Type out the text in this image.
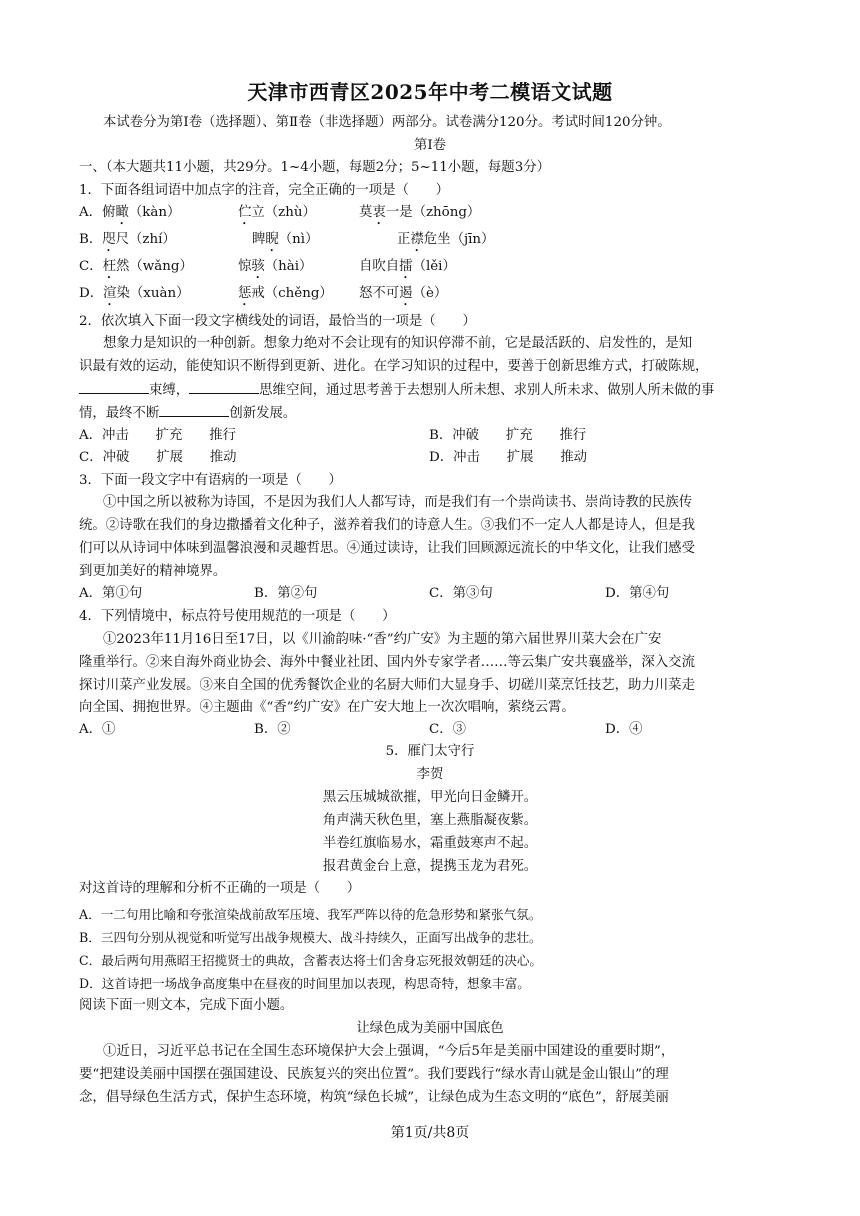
天津市西青区2025年中考二模语文试题
本试卷分为第Ⅰ卷（选择题）、第Ⅱ卷（非选择题）两部分。试卷满分120分。考试时间120分钟。
第Ⅰ卷
一、（本大题共11小题，共29分。1~4小题，每题2分；5~11小题，每题3分）
1．下面各组词语中加点字的注音，完全正确的一项是（　　）
A．俯瞰（kàn）	伫立（zhù）	莫衷一是（zhōng）
B．咫尺（zhí）	睥睨（nì）	正襟危坐（jīn）
C．枉然（wǎng）	惊骇（hài）	自吹自擂（lěi）
D．渲染（xuàn）	惩戒（chěng） 怒不可遏（è）
2．依次填入下面一段文字横线处的词语，最恰当的一项是（　　）
想象力是知识的一种创新。想象力绝对不会让现有的知识停滞不前，它是最活跃的、启发性的，是知
识最有效的运动，能使知识不断得到更新、进化。在学习知识的过程中，要善于创新思维方式，打破陈规，
束缚，	思维空间，通过思考善于去想别人所未想、求别人所未求、做别人所未做的事
情，最终不断	创新发展。
A．冲击　　扩充　　推行	B．冲破　　扩充　　推行
C．冲破　　扩展　　推动	D．冲击　　扩展　　推动
3．下面一段文字中有语病的一项是（　　）
①中国之所以被称为诗国，不是因为我们人人都写诗，而是我们有一个崇尚读书、崇尚诗教的民族传
统。②诗歌在我们的身边撒播着文化种子，滋养着我们的诗意人生。③我们不一定人人都是诗人，但是我
们可以从诗词中体味到温馨浪漫和灵趣哲思。④通过读诗，让我们回顾源远流长的中华文化，让我们感受
到更加美好的精神境界。
A．第①句	B．第②句	C．第③句	D．第④句
4．下列情境中，标点符号使用规范的一项是（　　）
①2023年11月16日至17日，以《川渝韵味·“香”约广安》为主题的第六届世界川菜大会在广安
隆重举行。②来自海外商业协会、海外中餐业社团、国内外专家学者……等云集广安共襄盛举，深入交流
探讨川菜产业发展。③来自全国的优秀餐饮企业的名厨大师们大显身手、切磋川菜烹饪技艺，助力川菜走
向全国、拥抱世界。④主题曲《“香”约广安》在广安大地上一次次唱响，萦绕云霄。
A．①	B．②	C．③	D．④
5．雁门太守行
李贺
黑云压城城欲摧，甲光向日金鳞开。
角声满天秋色里，塞上燕脂凝夜紫。
半卷红旗临易水，霜重鼓寒声不起。
报君黄金台上意，提携玉龙为君死。
对这首诗的理解和分析不正确的一项是（　　）
A．一二句用比喻和夸张渲染战前敌军压境、我军严阵以待的危急形势和紧张气氛。
B．三四句分别从视觉和听觉写出战争规模大、战斗持续久，正面写出战争的悲壮。
C．最后两句用燕昭王招揽贤士的典故，含蓄表达将士们舍身忘死报效朝廷的决心。
D．这首诗把一场战争高度集中在昼夜的时间里加以表现，构思奇特，想象丰富。
阅读下面一则文本，完成下面小题。
让绿色成为美丽中国底色
①近日，习近平总书记在全国生态环境保护大会上强调，“今后5年是美丽中国建设的重要时期”，
要“把建设美丽中国摆在强国建设、民族复兴的突出位置”。我们要践行“绿水青山就是金山银山”的理
念，倡导绿色生活方式，保护生态环境，构筑“绿色长城”，让绿色成为生态文明的“底色”，舒展美丽
第1页/共8页
